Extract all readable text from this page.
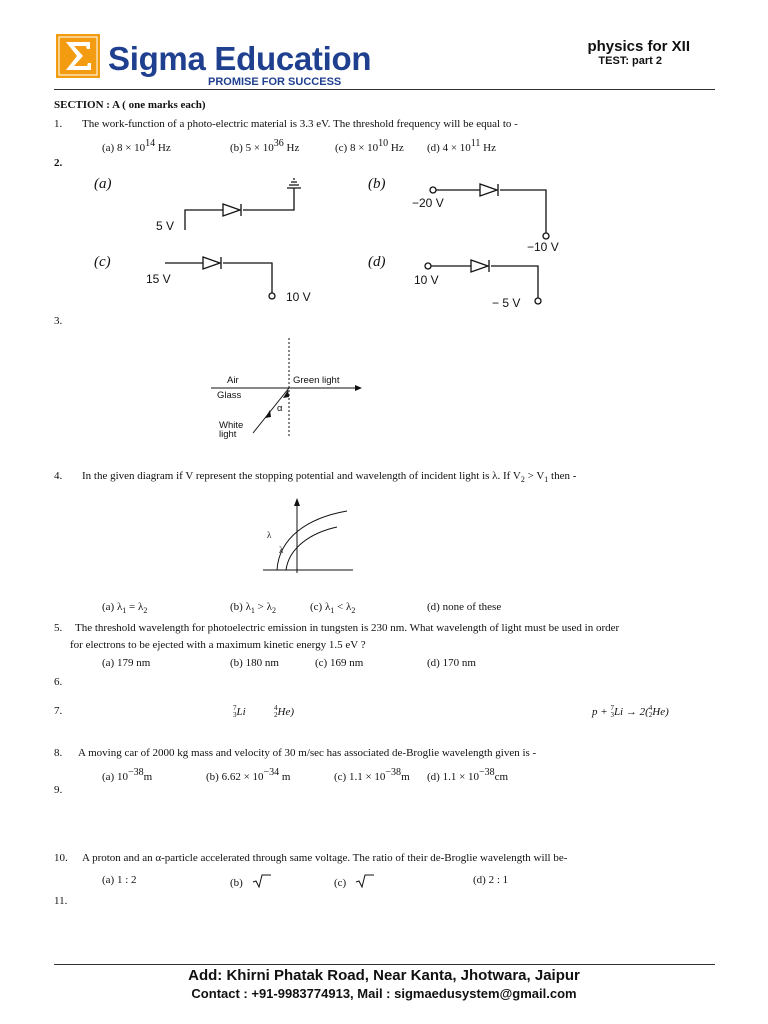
Sigma Education
PROMISE FOR SUCCESS
physics for XII
TEST: part 2
SECTION : A ( one marks each)
1. The work-function of a photo-electric material is 3.3 eV. The threshold frequency will be equal to -
(a) $8 \times 10^{14}$ Hz	(b) $5 \times 10^{36}$ Hz	(c) $8 \times 10^{10}$ Hz (d) $4 \times 10^{11}$ Hz
2.
(a)	(b)
(c)	(d)
5 V
−20 V
−10 V
15 V
10 V
10 V
− 5 V
3.
Air
Glass
Green light
α
White
light
4. In the given diagram if V represent the stopping potential and wavelength of incident light is λ. If $V_2 > V_1$ then -
λ
λ
(a) $\lambda_1 = \lambda_2$	(b) $\lambda_1 > \lambda_2$	(c) $\lambda_1 < \lambda_2$	(d) none of these
5. The threshold wavelength for photoelectric emission in tungsten is 230 nm. What wavelength of light must be used in order
for electrons to be ejected with a maximum kinetic energy 1.5 eV ?
(a) 179 nm	(b) 180 nm	(c) 169 nm	(d) 170 nm
6.
7.	7
3Li	4
2He)	p + 7
3Li → 2(4
2He)
8. A moving car of 2000 kg mass and velocity of 30 m/sec has associated de-Broglie wavelength given is -
(a) $10^{-38}m$	(b) $6.62 \times 10^{-34}$ m	(c) $1.1 \times 10^{-38}m$ (d) $1.1 \times 10^{-38}cm$
9.
10. A proton and an α-particle accelerated through same voltage. The ratio of their de-Broglie wavelength will be-
(a) 1 : 2	(b)	(c)	(d) 2 : 1
11.
Add: Khirni Phatak Road, Near Kanta, Jhotwara, Jaipur
Contact : +91-9983774913, Mail : sigmaedusystem@gmail.com
